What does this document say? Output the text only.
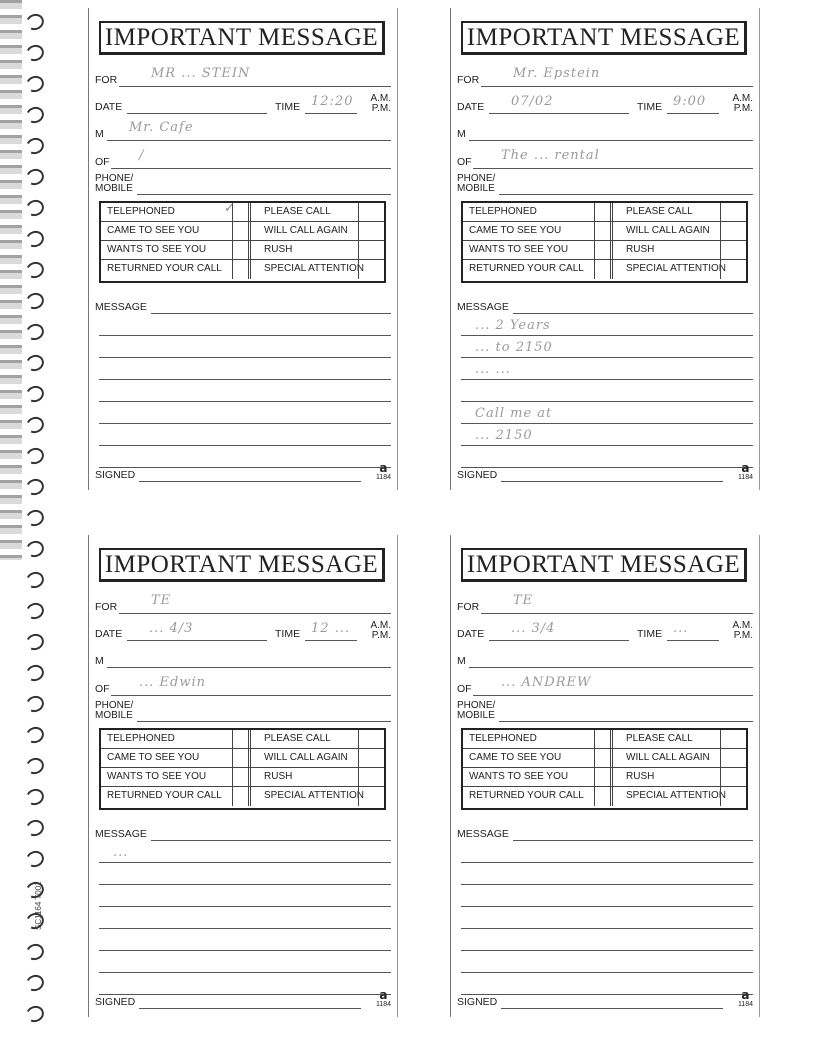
SC1164 T001
IMPORTANT MESSAGE
FOR	MR ... STEIN
DATE	TIME 12:20 A.M.
P.M.
M Mr. Cafe
OF /
PHONE/
MOBILE
TELEPHONED	PLEASE CALL
CAME TO SEE YOU	WILL CALL AGAIN
WANTS TO SEE YOU	RUSH
RETURNED YOUR CALL	SPECIAL ATTENTION
MESSAGE
SIGNED	a
1184
✓
IMPORTANT MESSAGE
FOR	Mr. Epstein
DATE 07/02	TIME 9:00	A.M.
P.M.
M
OF The ... rental
PHONE/
MOBILE
TELEPHONED	PLEASE CALL
CAME TO SEE YOU	WILL CALL AGAIN
WANTS TO SEE YOU	RUSH
RETURNED YOUR CALL	SPECIAL ATTENTION
MESSAGE
... 2 Years
... to 2150
... ...
Call me at
... 2150
SIGNED	a
1184
IMPORTANT MESSAGE
FOR	TE
DATE ... 4/3	TIME 12 ... A.M.
P.M.
M
OF ... Edwin
PHONE/
MOBILE
TELEPHONED	PLEASE CALL
CAME TO SEE YOU	WILL CALL AGAIN
WANTS TO SEE YOU	RUSH
RETURNED YOUR CALL	SPECIAL ATTENTION
MESSAGE
...
SIGNED	a
1184
IMPORTANT MESSAGE
FOR	TE
DATE ... 3/4	TIME ...	A.M.
P.M.
M
OF ... ANDREW
PHONE/
MOBILE
TELEPHONED	PLEASE CALL
CAME TO SEE YOU	WILL CALL AGAIN
WANTS TO SEE YOU	RUSH
RETURNED YOUR CALL	SPECIAL ATTENTION
MESSAGE
SIGNED	a
1184
